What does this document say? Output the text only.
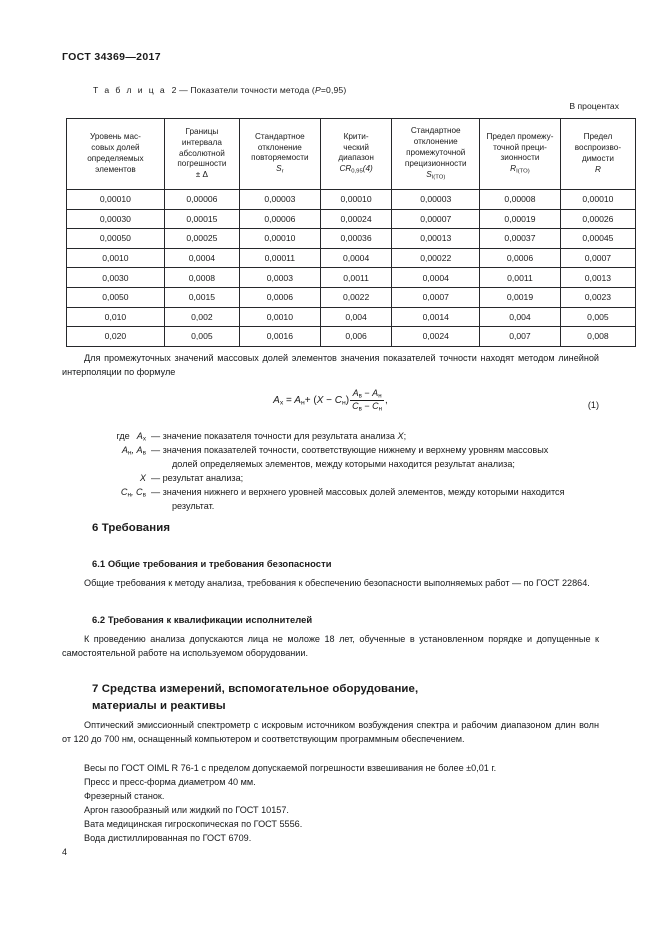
ГОСТ 34369—2017
Т а б л и ц а 2 — Показатели точности метода (P=0,95)
В процентах
Уровень мас-
совых долей
определяемых
элементов	Границы
интервала
абсолютной
погрешности
± Δ	Стандартное
отклонение
повторяемости
$S_r$	Крити-
ческий
диапазон
$CR_{0,95}(4)$	Стандартное
отклонение
промежуточной
прецизионности
$S_{I(TO)}$	Предел промежу-
точной преци-
зионности
$R_{I(TO)}$	Предел
воспроизво-
димости
R
0,00010	0,00006	0,00003	0,00010	0,00003	0,00008	0,00010
0,00030	0,00015	0,00006	0,00024	0,00007	0,00019	0,00026
0,00050	0,00025	0,00010	0,00036	0,00013	0,00037	0,00045
0,0010	0,0004	0,00011	0,0004	0,00022	0,0006	0,0007
0,0030	0,0008	0,0003	0,0011	0,0004	0,0011	0,0013
0,0050	0,0015	0,0006	0,0022	0,0007	0,0019	0,0023
0,010	0,002	0,0010	0,004	0,0014	0,004	0,005
0,020	0,005	0,0016	0,006	0,0024	0,007	0,008
Для промежуточных значений массовых долей элементов значения показателей точности находят методом линейной интерполяции по формуле
$A_x = A_н+ (X - C_н) \frac{A_в - A_н}{C_в - C_н}$ ,	(1)
где $A_x$ — значение показателя точности для результата анализа X;
$A_н$, $A_в$ — значения показателей точности, соответствующие нижнему и верхнему уровням массовых
долей определяемых элементов, между которыми находится результат анализа;
X — результат анализа;
$C_н$, $C_в$ — значения нижнего и верхнего уровней массовых долей элементов, между которыми находится
результат.
6 Требования
6.1 Общие требования и требования безопасности
Общие требования к методу анализа, требования к обеспечению безопасности выполняемых работ — по ГОСТ 22864.
6.2 Требования к квалификации исполнителей
К проведению анализа допускаются лица не моложе 18 лет, обученные в установленном порядке и допущенные к самостоятельной работе на используемом оборудовании.
7 Средства измерений, вспомогательное оборудование,
материалы и реактивы
Оптический эмиссионный спектрометр с искровым источником возбуждения спектра и рабочим диапазоном длин волн от 120 до 700 нм, оснащенный компьютером и соответствующим программным обеспечением.
Весы по ГОСТ OIML R 76-1 с пределом допускаемой погрешности взвешивания не более ±0,01 г.
Пресс и пресс-форма диаметром 40 мм.
Фрезерный станок.
Аргон газообразный или жидкий по ГОСТ 10157.
Вата медицинская гигроскопическая по ГОСТ 5556.
Вода дистиллированная по ГОСТ 6709.
4
